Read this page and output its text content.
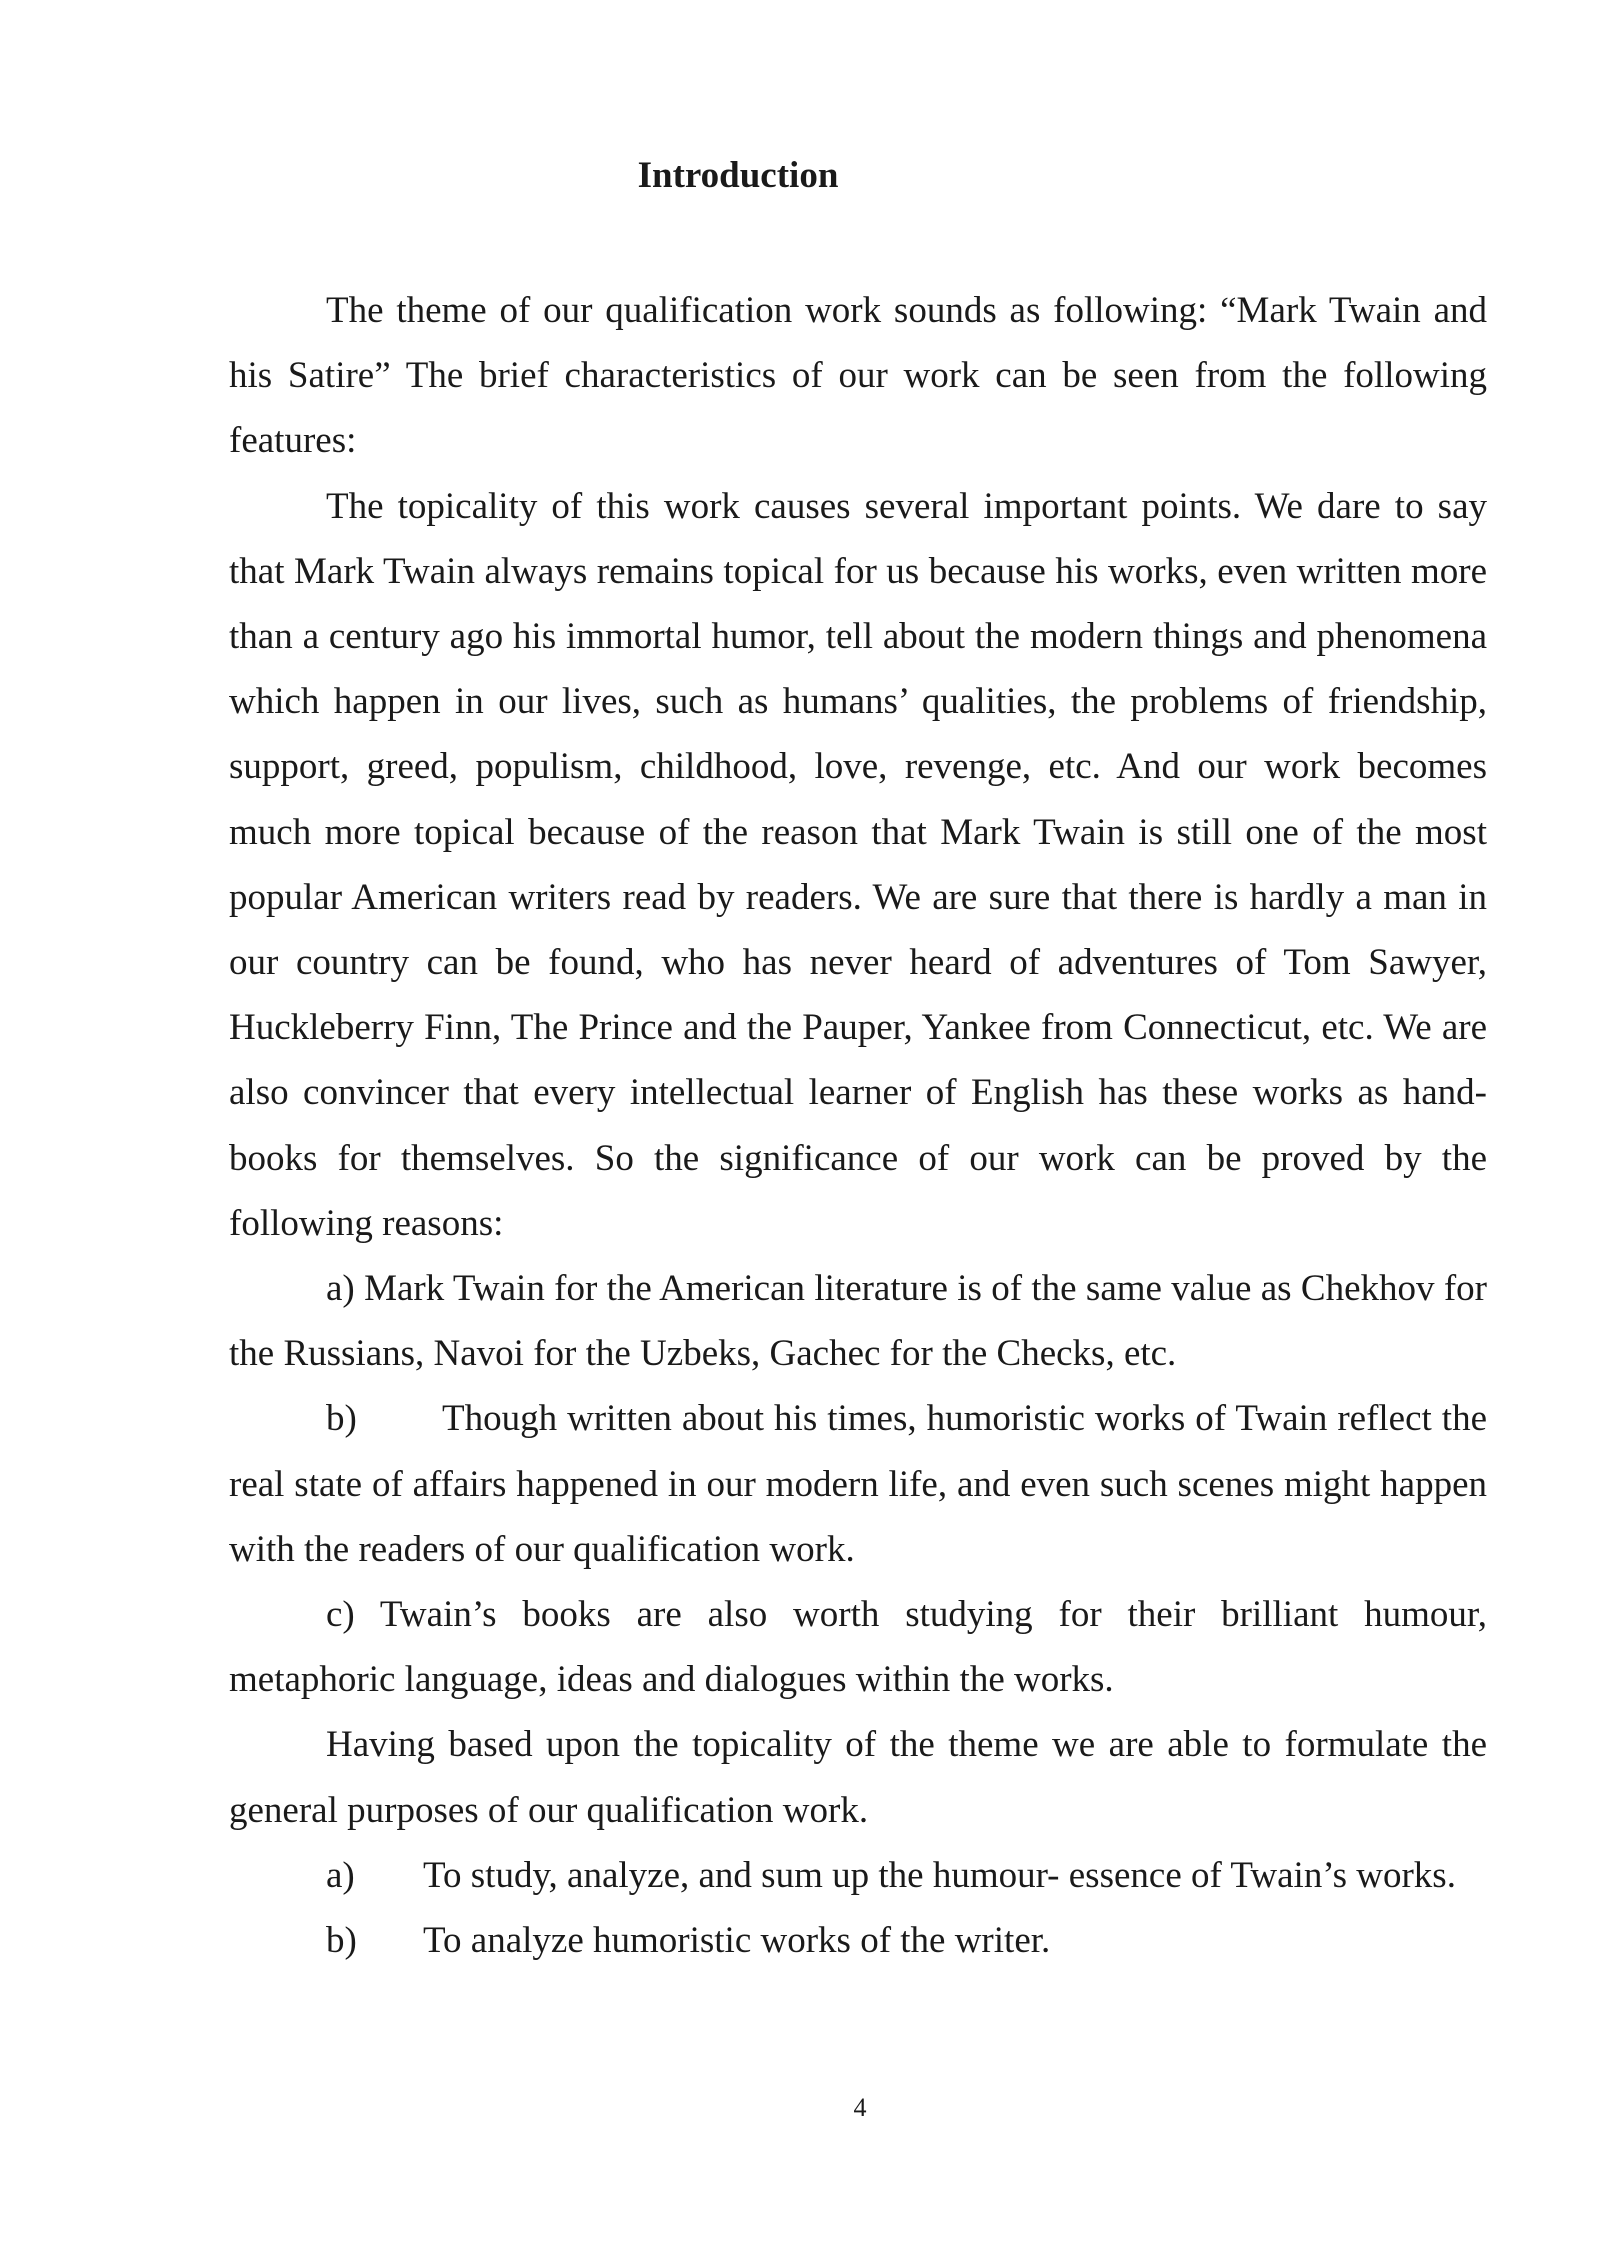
Introduction

The theme of our qualification work sounds as following: “Mark Twain and his Satire” The brief characteristics of our work can be seen from the following features:

The topicality of this work causes several important points. We dare to say that Mark Twain always remains topical for us because his works, even written more than a century ago his immortal humor, tell about the modern things and phenomena which happen in our lives, such as humans’ qualities, the problems of friendship, support, greed, populism, childhood, love, revenge, etc. And our work becomes much more topical because of the reason that Mark Twain is still one of the most popular American writers read by readers. We are sure that there is hardly a man in our country can be found, who has never heard of adventures of Tom Sawyer, Huckleberry Finn, The Prince and the Pauper, Yankee from Connecticut, etc. We are also convincer that every intellectual learner of English has these works as hand-books for themselves. So the significance of our work can be proved by the following reasons:

a) Mark Twain for the American literature is of the same value as Chekhov for the Russians, Navoi for the Uzbeks, Gachec for the Checks, etc.

b) Though written about his times, humoristic works of Twain reflect the real state of affairs happened in our modern life, and even such scenes might happen with the readers of our qualification work.

c) Twain’s books are also worth studying for their brilliant humour, metaphoric language, ideas and dialogues within the works.

Having based upon the topicality of the theme we are able to formulate the general purposes of our qualification work.

a) To study, analyze, and sum up the humour- essence of Twain’s works.

b) To analyze humoristic works of the writer.

4
